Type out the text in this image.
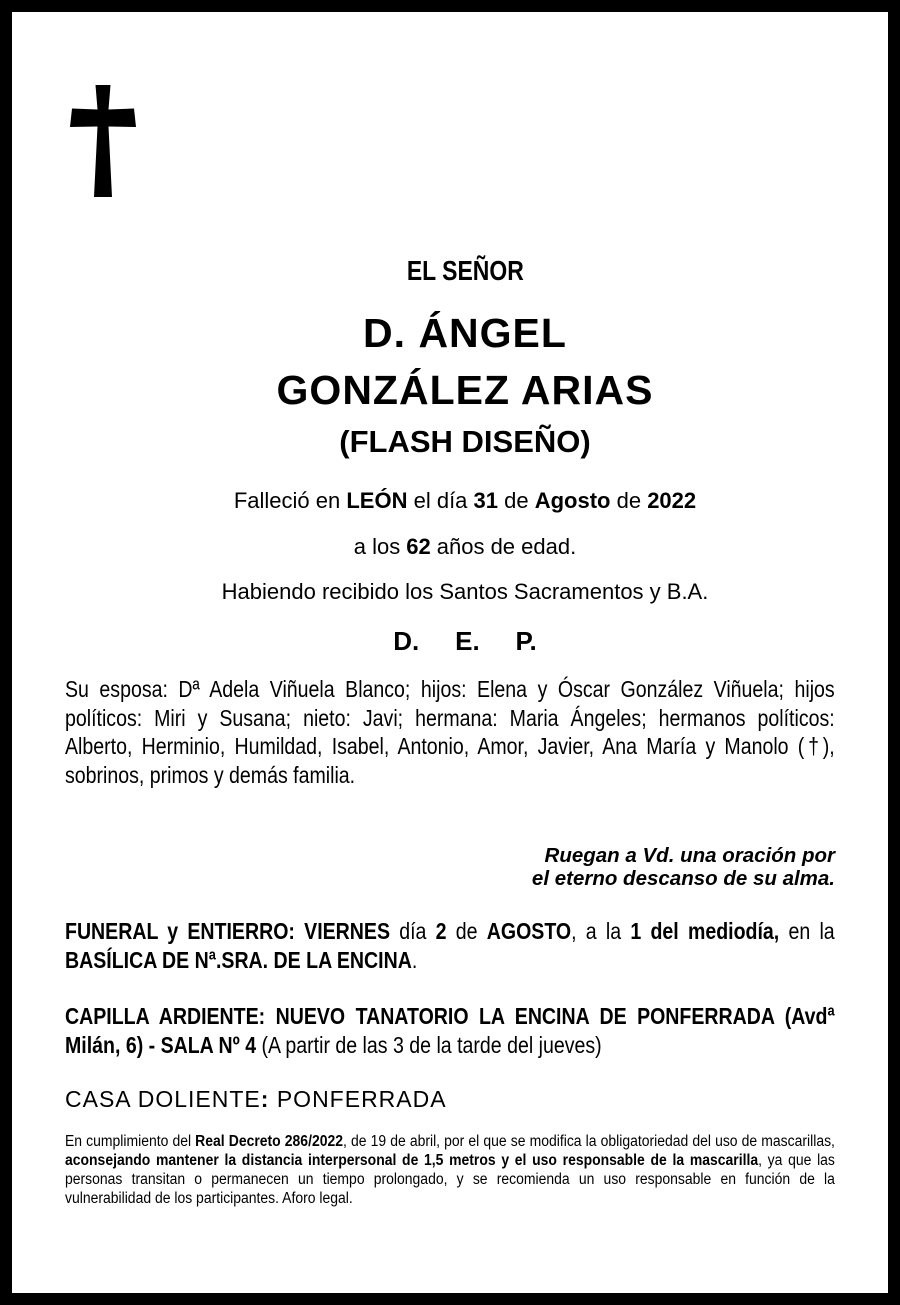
EL SEÑOR
D. ÁNGEL
GONZÁLEZ ARIAS
(FLASH DISEÑO)
Falleció en LEÓN el día 31 de Agosto de 2022
a los 62 años de edad.
Habiendo recibido los Santos Sacramentos y B.A.
D. E. P.
Su esposa: Dª Adela Viñuela Blanco; hijos: Elena y Óscar González Viñuela; hijos políticos: Miri y Susana; nieto: Javi; hermana: Maria Ángeles; hermanos políticos: Alberto, Herminio, Humildad, Isabel, Antonio, Amor, Javier, Ana María y Manolo (†), sobrinos, primos y demás familia.
Ruegan a Vd. una oración por
el eterno descanso de su alma.
FUNERAL y ENTIERRO: VIERNES día 2 de AGOSTO, a la 1 del mediodía, en la BASÍLICA DE Nª.SRA. DE LA ENCINA.
CAPILLA ARDIENTE: NUEVO TANATORIO LA ENCINA DE PONFERRADA (Avdª Milán, 6) - SALA Nº 4 (A partir de las 3 de la tarde del jueves)
CASA DOLIENTE: PONFERRADA
En cumplimiento del Real Decreto 286/2022, de 19 de abril, por el que se modifica la obligatoriedad del uso de mascarillas, aconsejando mantener la distancia interpersonal de 1,5 metros y el uso responsable de la mascarilla, ya que las personas transitan o permanecen un tiempo prolongado, y se recomienda un uso responsable en función de la vulnerabilidad de los participantes. Aforo legal.
